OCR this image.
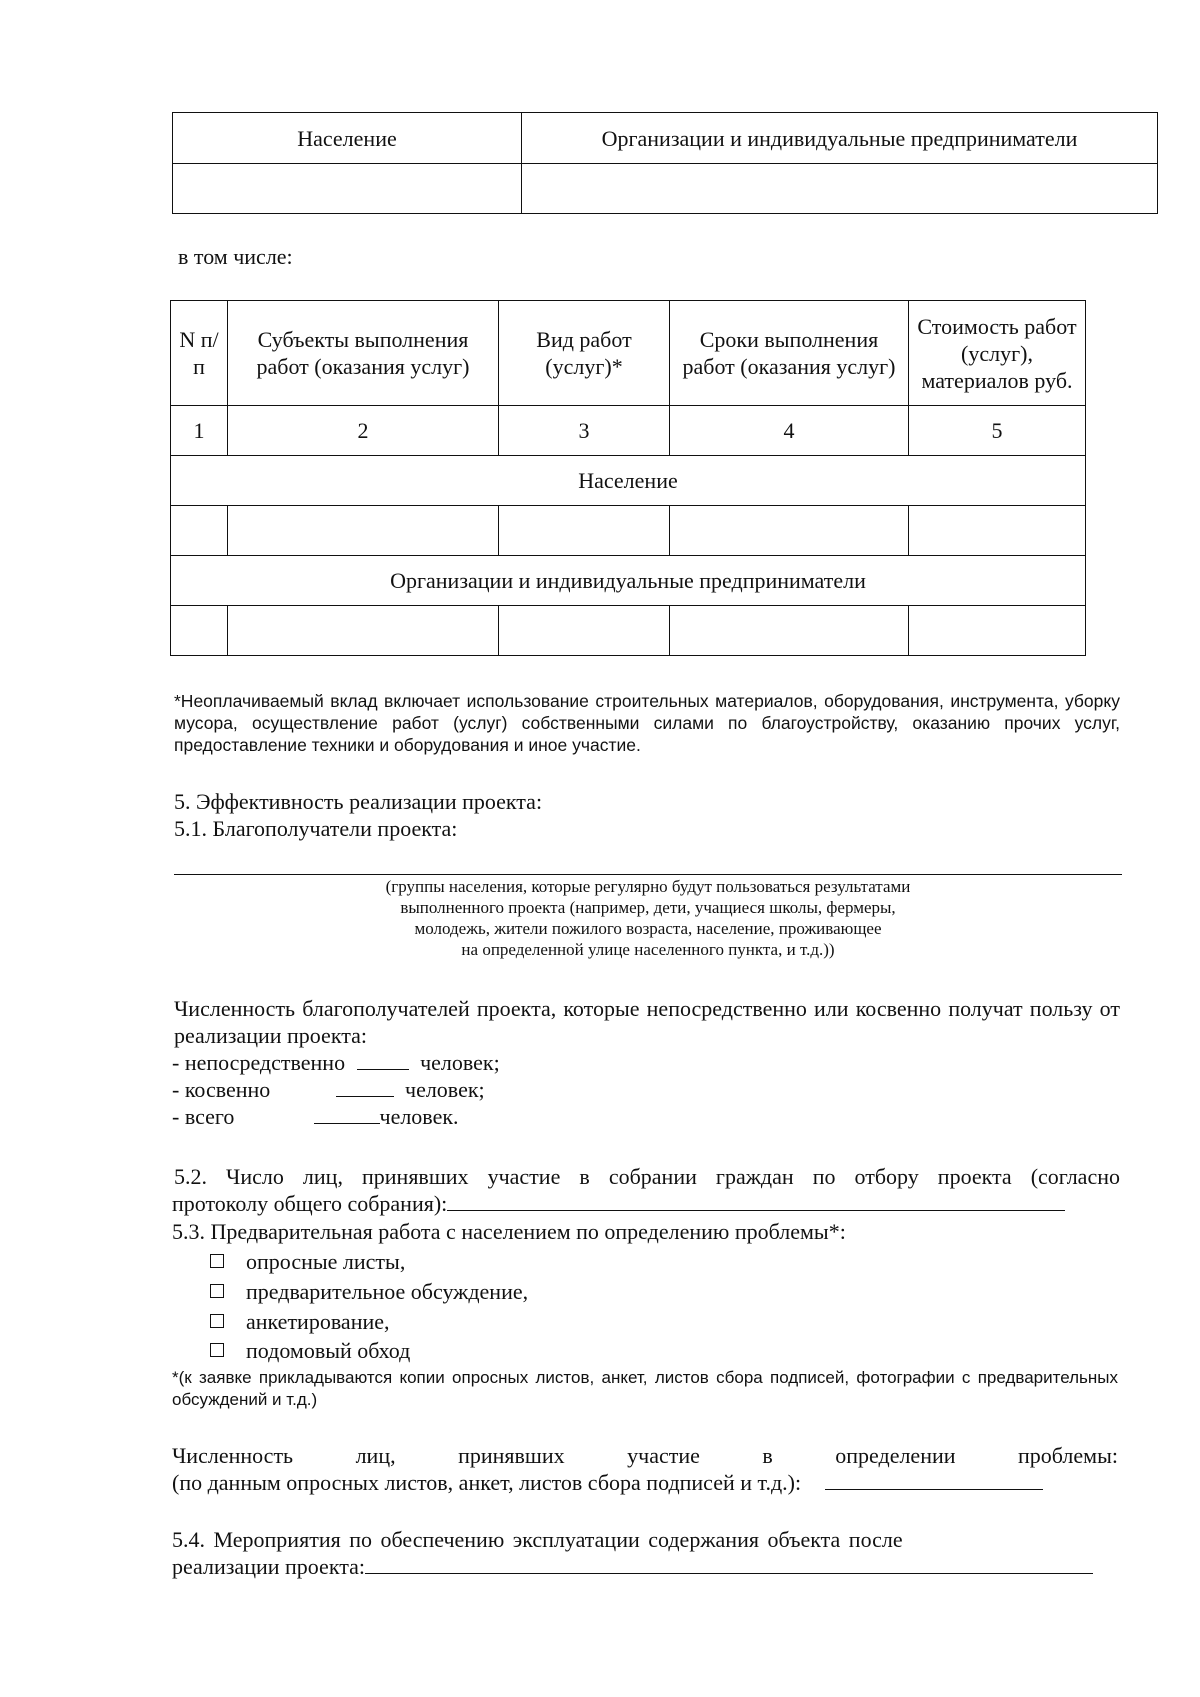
Население	Организации и индивидуальные предприниматели

в том числе:
N п/п	Субъекты выполнения работ (оказания услуг)	Вид работ (услуг)*	Сроки выполнения работ (оказания услуг)	Стоимость работ (услуг), материалов руб.
1	2	3	4	5
Население				

Организации и индивидуальные предприниматели				

*Неоплачиваемый вклад включает использование строительных материалов, оборудования, инструмента, уборку мусора, осуществление работ (услуг) собственными силами по благоустройству, оказанию прочих услуг, предоставление техники и оборудования и иное участие.
5. Эффективность реализации проекта:
5.1. Благополучатели проекта:
(группы населения, которые регулярно будут пользоваться результатами
выполненного проекта (например, дети, учащиеся школы, фермеры,
молодежь, жители пожилого возраста, население, проживающее
на определенной улице населенного пункта, и т.д.))
Численность благополучателей проекта, которые непосредственно или косвенно получат пользу от реализации проекта:
- непосредственно	человек;
- косвенно	человек;
- всего	человек.
5.2. Число лиц, принявших участие в собрании граждан по отбору проекта (согласно
протоколу общего собрания):
5.3. Предварительная работа с населением по определению проблемы*:
опросные листы,
предварительное обсуждение,
анкетирование,
подомовый обход
*(к заявке прикладываются копии опросных листов, анкет, листов сбора подписей, фотографии с предварительных обсуждений и т.д.)
Численность лиц, принявших участие в определении проблемы:
(по данным опросных листов, анкет, листов сбора подписей и т.д.):
5.4. Мероприятия по обеспечению эксплуатации содержания объекта после
реализации проекта:
